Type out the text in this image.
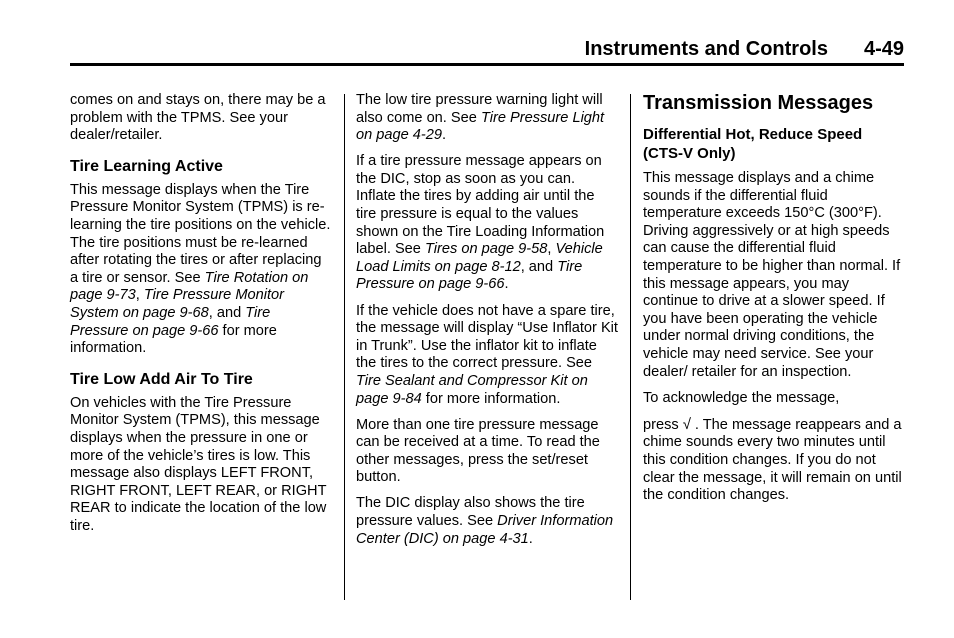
Instruments and Controls 4-49

comes on and stays on, there may be a problem with the TPMS. See your dealer/retailer.

Tire Learning Active

This message displays when the Tire Pressure Monitor System (TPMS) is re-learning the tire positions on the vehicle. The tire positions must be re-learned after rotating the tires or after replacing a tire or sensor. See Tire Rotation on page 9-73, Tire Pressure Monitor System on page 9-68, and Tire Pressure on page 9-66 for more information.

Tire Low Add Air To Tire

On vehicles with the Tire Pressure Monitor System (TPMS), this message displays when the pressure in one or more of the vehicle’s tires is low. This message also displays LEFT FRONT, RIGHT FRONT, LEFT REAR, or RIGHT REAR to indicate the location of the low tire.

The low tire pressure warning light will also come on. See Tire Pressure Light on page 4-29.

If a tire pressure message appears on the DIC, stop as soon as you can. Inflate the tires by adding air until the tire pressure is equal to the values shown on the Tire Loading Information label. See Tires on page 9-58, Vehicle Load Limits on page 8-12, and Tire Pressure on page 9-66.

If the vehicle does not have a spare tire, the message will display “Use Inflator Kit in Trunk”. Use the inflator kit to inflate the tires to the correct pressure. See Tire Sealant and Compressor Kit on page 9-84 for more information.

More than one tire pressure message can be received at a time. To read the other messages, press the set/reset button.

The DIC display also shows the tire pressure values. See Driver Information Center (DIC) on page 4-31.

Transmission Messages
Differential Hot, Reduce Speed (CTS-V Only)

This message displays and a chime sounds if the differential fluid temperature exceeds 150°C (300°F). Driving aggressively or at high speeds can cause the differential fluid temperature to be higher than normal. If this message appears, you may continue to drive at a slower speed. If you have been operating the vehicle under normal driving conditions, the vehicle may need service. See your dealer/ retailer for an inspection.

To acknowledge the message,

press √ . The message reappears and a chime sounds every two minutes until this condition changes. If you do not clear the message, it will remain on until the condition changes.
